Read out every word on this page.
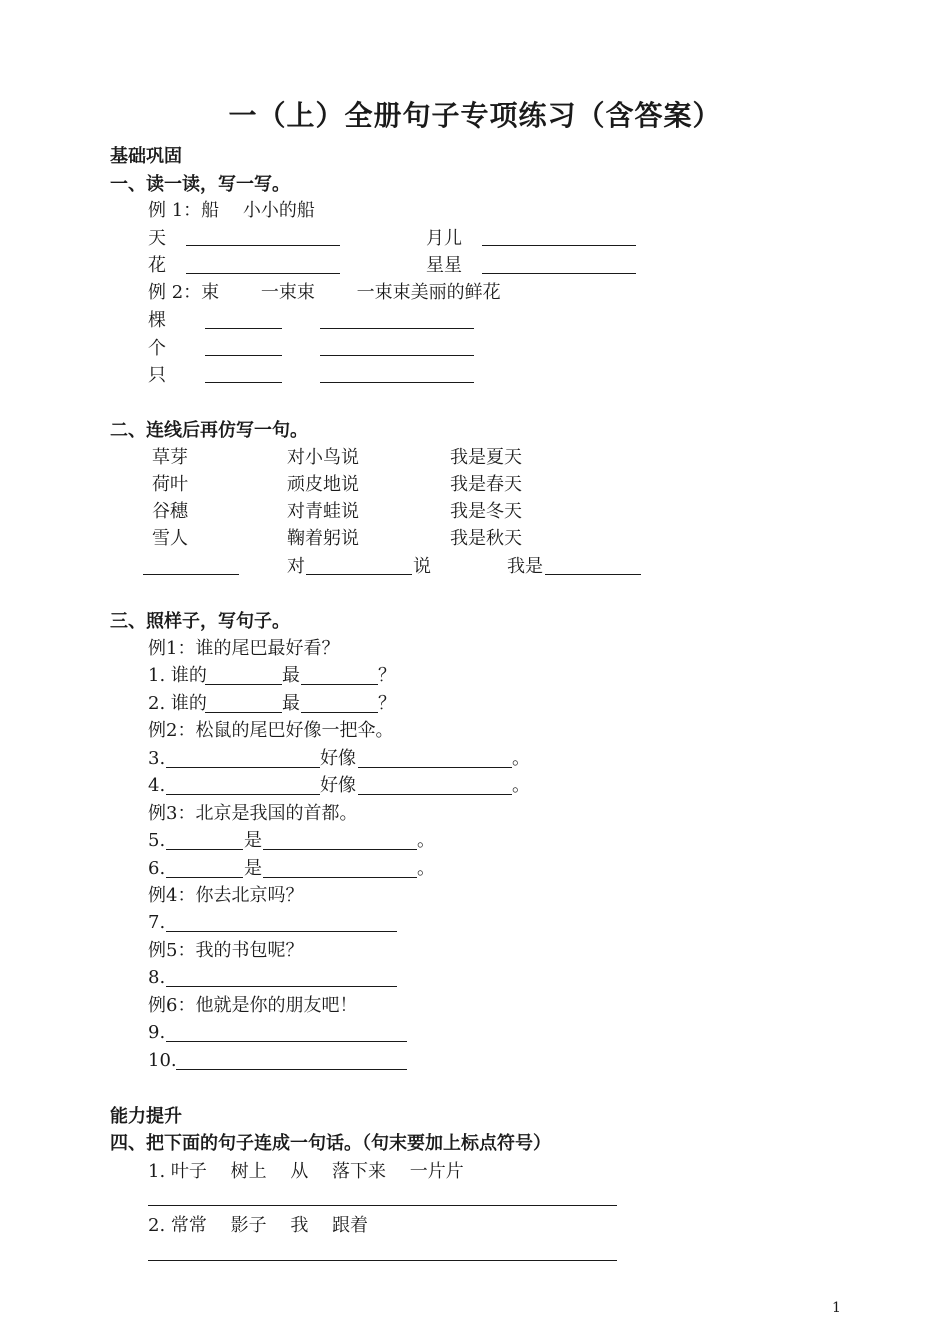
一（上）全册句子专项练习（含答案）
基础巩固
一、读一读，写一写。
例 1：船　 小小的船
天	月儿
花	星星
例 2：束　　 一束束　　 一束束美丽的鲜花
棵
个
只
二、连线后再仿写一句。
草芽	对小鸟说	我是夏天
荷叶	顽皮地说	我是春天
谷穗	对青蛙说	我是冬天
雪人	鞠着躬说	我是秋天
对	说	我是
三、照样子，写句子。
例1：谁的尾巴最好看？
1. 谁的	最	？
2. 谁的	最	？
例2：松鼠的尾巴好像一把伞。
3.	好像	。
4.	好像	。
例3：北京是我国的首都。
5.	是	。
6.	是	。
例4：你去北京吗？
7.
例5：我的书包呢？
8.
例6：他就是你的朋友吧！
9.
10.
能力提升
四、把下面的句子连成一句话。（句末要加上标点符号）
1. 叶子　 树上　 从　 落下来　 一片片
2. 常常　 影子　 我　 跟着
1
